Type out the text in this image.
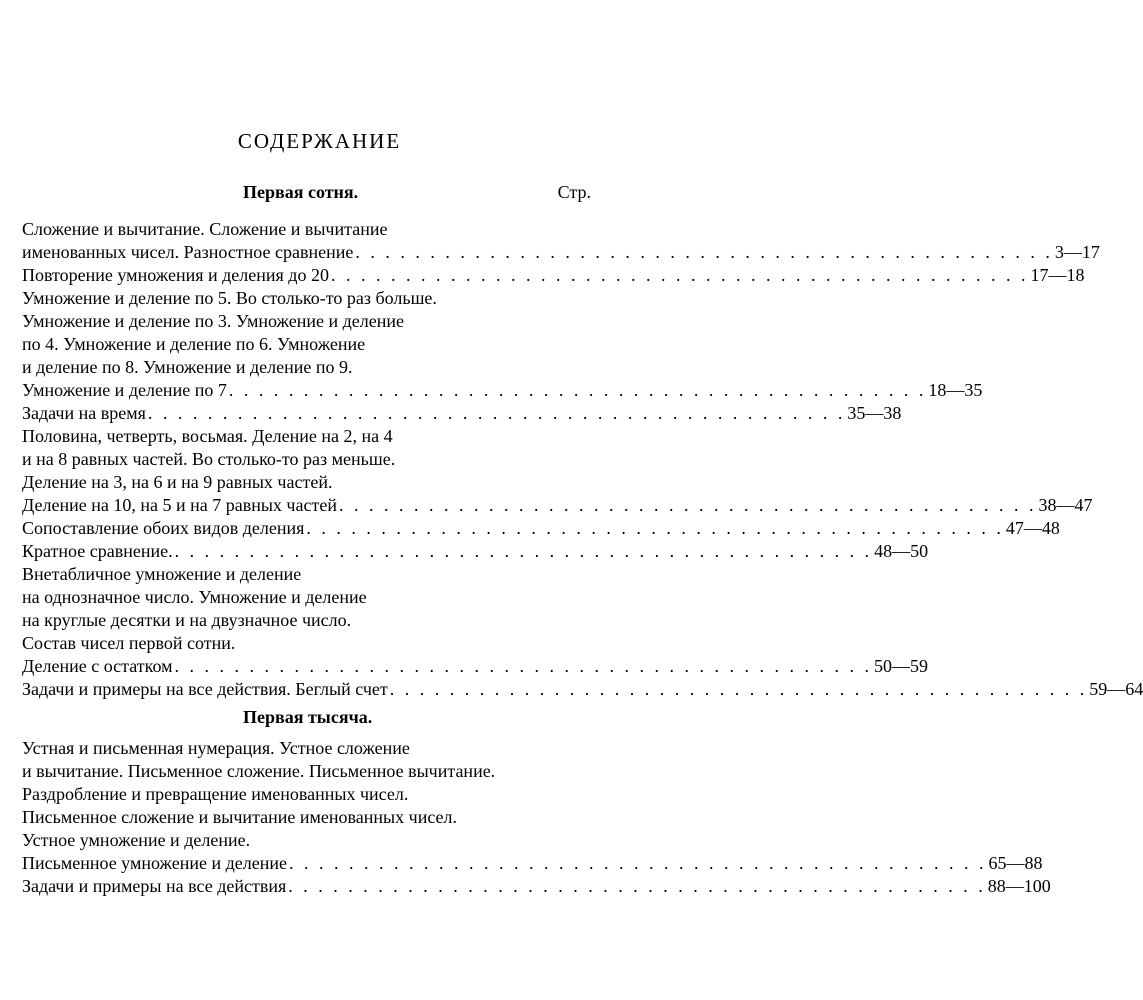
СОДЕРЖАНИЕ
Первая сотня.	Стр.
Сложение и вычитание. Сложение и вычитание
именованных чисел. Разностное сравнение . . . . . . . . . . . . . . . . . . . . . . . . . . . . . . . . . . . . . . . . . . . . . . . 3—17
Повторение умножения и деления до 20 . . . . . . . . . . . . . . . . . . . . . . . . . . . . . . . . . . . . . . . . . . . . . . . 17—18
Умножение и деление по 5. Во столько-то раз больше.
Умножение и деление по 3. Умножение и деление
по 4. Умножение и деление по 6. Умножение
и деление по 8. Умножение и деление по 9.
Умножение и деление по 7 . . . . . . . . . . . . . . . . . . . . . . . . . . . . . . . . . . . . . . . . . . . . . . . 18—35
Задачи на время . . . . . . . . . . . . . . . . . . . . . . . . . . . . . . . . . . . . . . . . . . . . . . . 35—38
Половина, четверть, восьмая. Деление на 2, на 4
и на 8 равных частей. Во столько-то раз меньше.
Деление на 3, на 6 и на 9 равных частей.
Деление на 10, на 5 и на 7 равных частей . . . . . . . . . . . . . . . . . . . . . . . . . . . . . . . . . . . . . . . . . . . . . . . 38—47
Сопоставление обоих видов деления . . . . . . . . . . . . . . . . . . . . . . . . . . . . . . . . . . . . . . . . . . . . . . . 47—48
Кратное сравнение. . . . . . . . . . . . . . . . . . . . . . . . . . . . . . . . . . . . . . . . . . . . . . . . 48—50
Внетабличное умножение и деление
на однозначное число. Умножение и деление
на круглые десятки и на двузначное число.
Состав чисел первой сотни.
Деление с остатком . . . . . . . . . . . . . . . . . . . . . . . . . . . . . . . . . . . . . . . . . . . . . . . 50—59
Задачи и примеры на все действия. Беглый счет . . . . . . . . . . . . . . . . . . . . . . . . . . . . . . . . . . . . . . . . . . . . . . . 59—64
Первая тысяча.
Устная и письменная нумерация. Устное сложение
и вычитание. Письменное сложение. Письменное вычитание.
Раздробление и превращение именованных чисел.
Письменное сложение и вычитание именованных чисел.
Устное умножение и деление.
Письменное умножение и деление . . . . . . . . . . . . . . . . . . . . . . . . . . . . . . . . . . . . . . . . . . . . . . . 65—88
Задачи и примеры на все действия . . . . . . . . . . . . . . . . . . . . . . . . . . . . . . . . . . . . . . . . . . . . . . . 88—100
